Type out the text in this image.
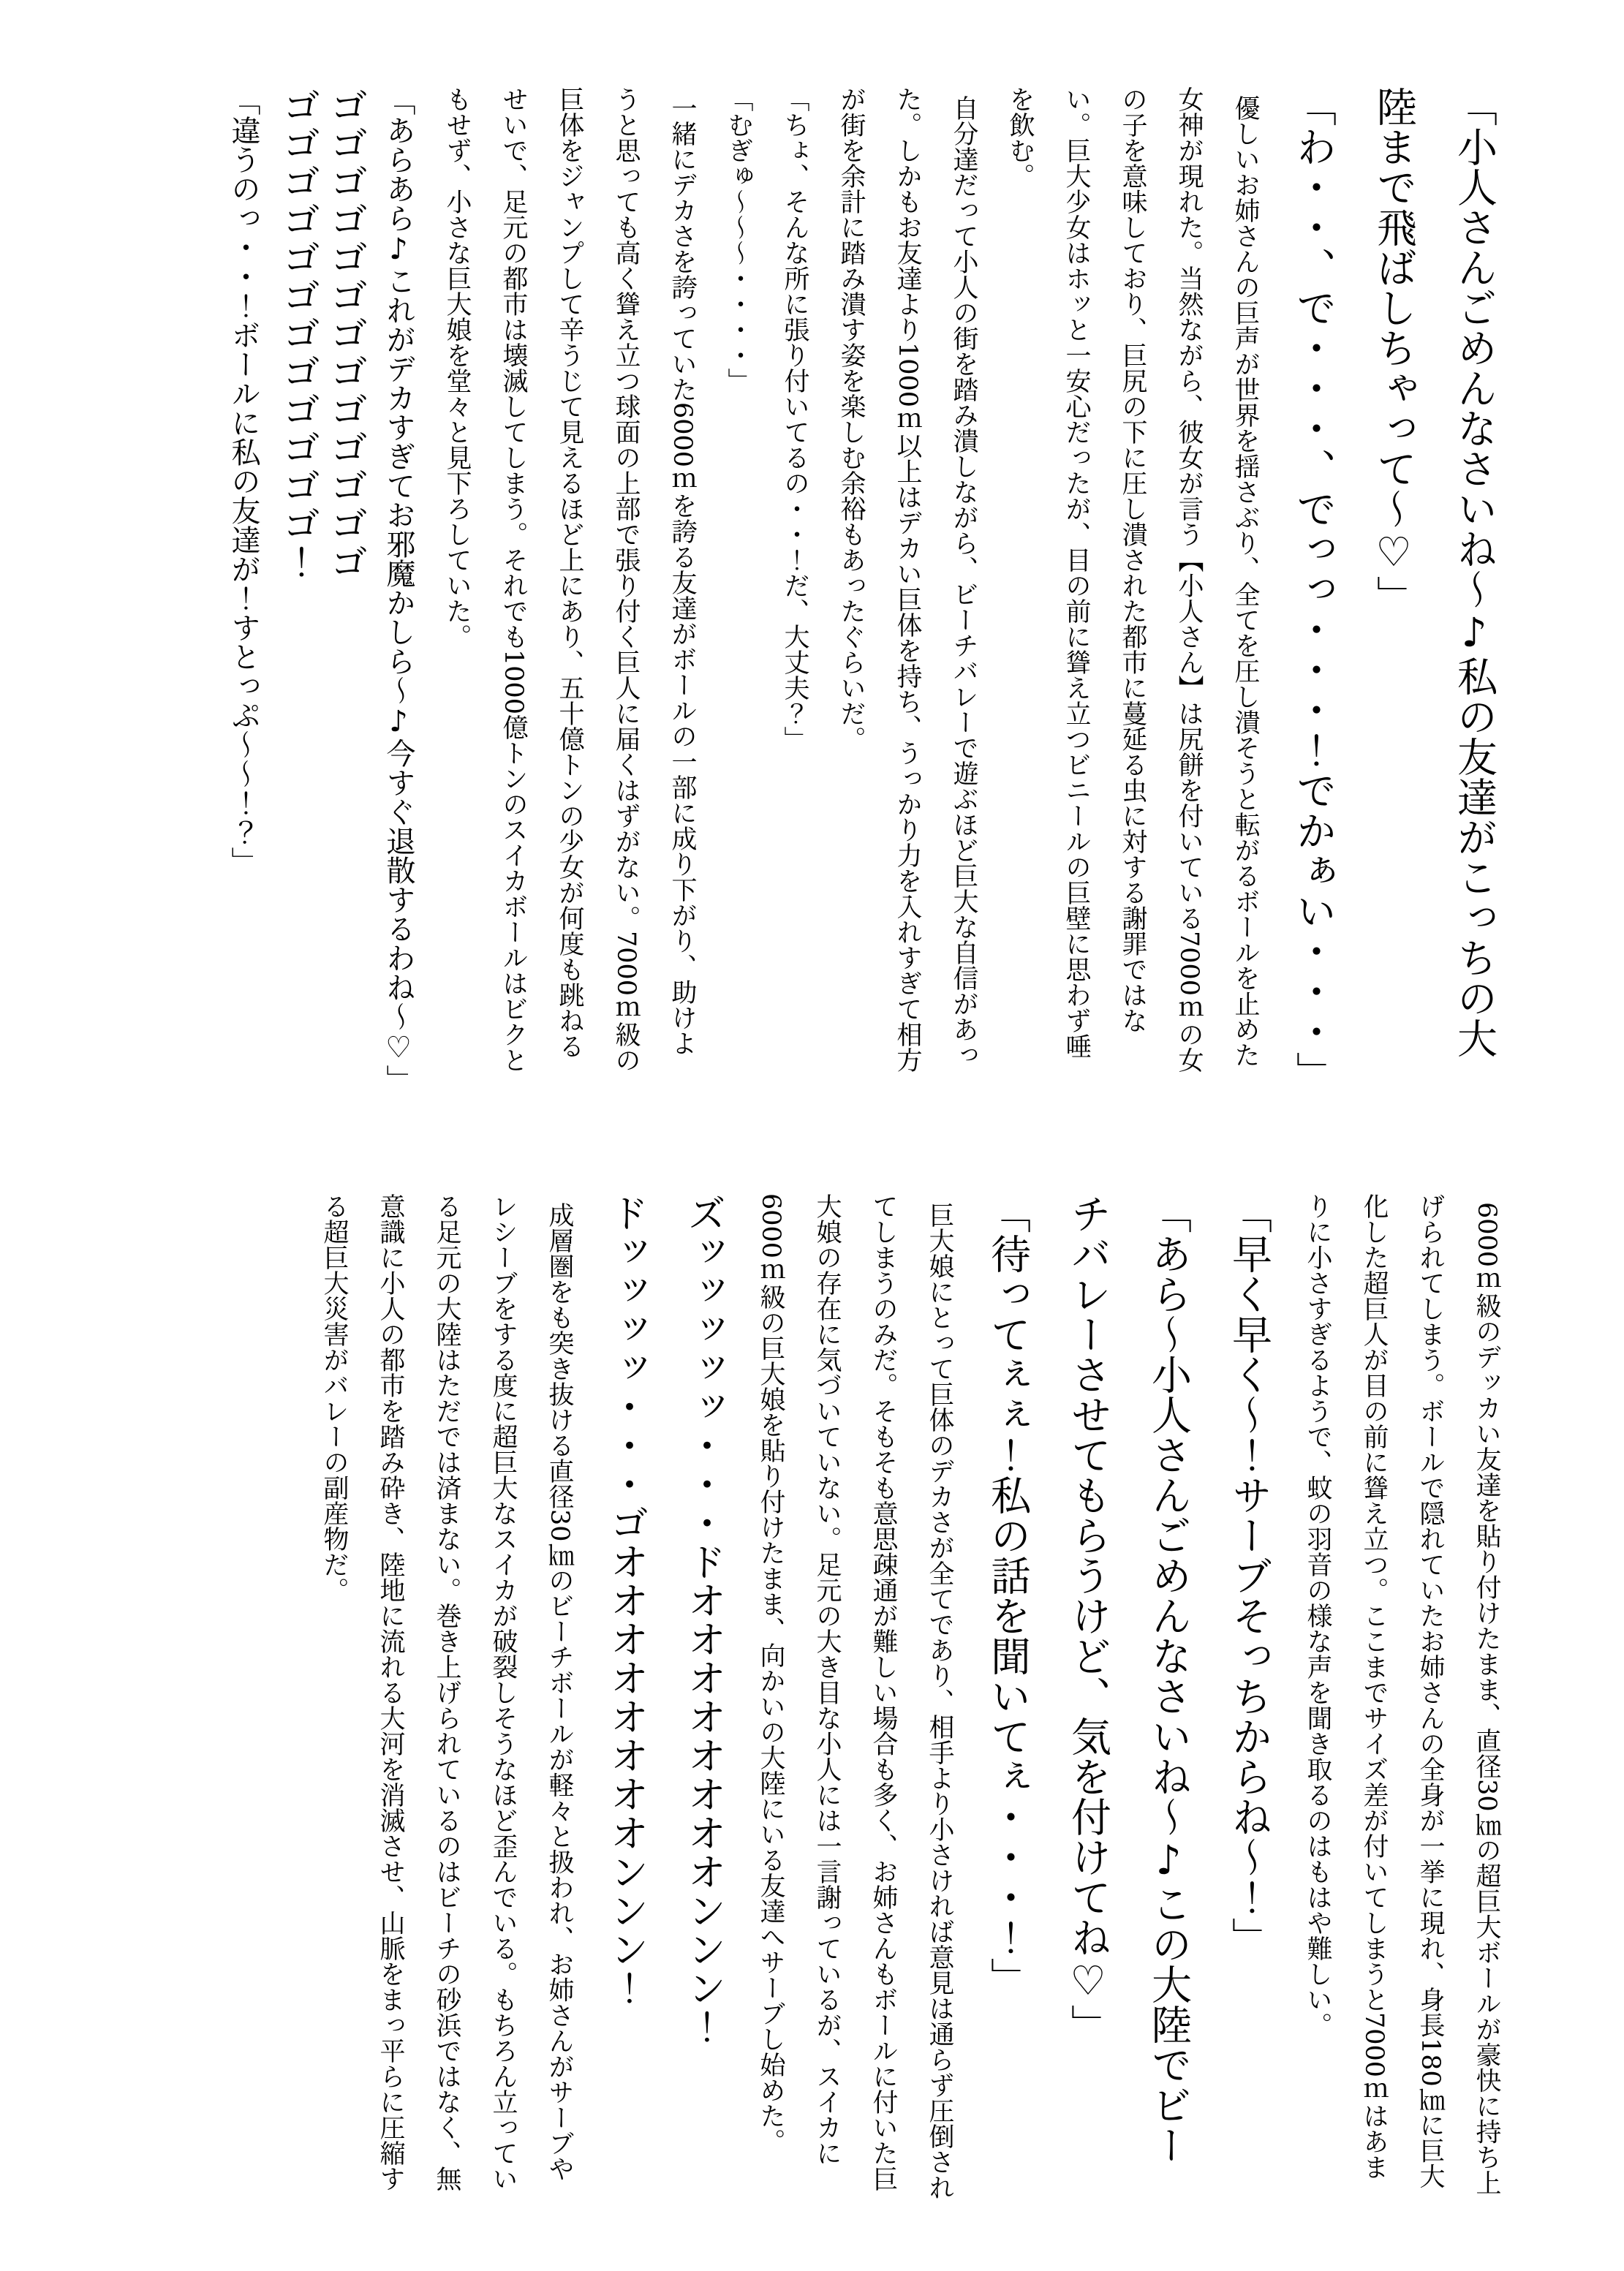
「小人さんごめんなさいね～♪私の友達がこっちの大陸まで飛ばしちゃって～♡」

「わ・・、で・・・、でっっ・・・！でかぁい・・・」

優しいお姉さんの巨声が世界を揺さぶり、全てを圧し潰そうと転がるボールを止めた女神が現れた。当然ながら、彼女が言う【小人さん】は尻餅を付いている7000ｍの女の子を意味しており、巨尻の下に圧し潰された都市に蔓延る虫に対する謝罪ではない。巨大少女はホッと一安心だったが、目の前に聳え立つビニールの巨壁に思わず唾を飲む。

自分達だって小人の街を踏み潰しながら、ビーチバレーで遊ぶほど巨大な自信があった。しかもお友達より1000ｍ以上はデカい巨体を持ち、うっかり力を入れすぎて相方が街を余計に踏み潰す姿を楽しむ余裕もあったぐらいだ。

「ちょ、そんな所に張り付いてるの・・！だ、大丈夫？」

「むぎゅ～～～・・・・」

一緒にデカさを誇っていた6000ｍを誇る友達がボールの一部に成り下がり、助けようと思っても高く聳え立つ球面の上部で張り付く巨人に届くはずがない。7000ｍ級の巨体をジャンプして辛うじて見えるほど上にあり、五十億トンの少女が何度も跳ねるせいで、足元の都市は壊滅してしまう。それでも1000億トンのスイカボールはビクともせず、小さな巨大娘を堂々と見下ろしていた。

「あらあら♪これがデカすぎてお邪魔かしら～♪今すぐ退散するわね～♡」

ゴゴゴゴゴゴゴゴゴゴゴゴゴゴゴゴゴゴゴゴゴゴゴゴゴ！

「違うのっ・・！ボールに私の友達が！すとっぷ～～！？」

6000ｍ級のデッカい友達を貼り付けたまま、直径30㎞の超巨大ボールが豪快に持ち上げられてしまう。ボールで隠れていたお姉さんの全身が一挙に現れ、身長180㎞に巨大化した超巨人が目の前に聳え立つ。ここまでサイズ差が付いてしまうと7000ｍはあまりに小さすぎるようで、蚊の羽音の様な声を聞き取るのはもはや難しい。

「早く早く～！サーブそっちからね～！」

「あら～小人さんごめんなさいね～♪この大陸でビーチバレーさせてもらうけど、気を付けてね♡」

「待ってぇぇ！私の話を聞いてぇ・・・！」

巨大娘にとって巨体のデカさが全てであり、相手より小さければ意見は通らず圧倒されてしまうのみだ。そもそも意思疎通が難しい場合も多く、お姉さんもボールに付いた巨大娘の存在に気づいていない。足元の大き目な小人には一言謝っているが、スイカに6000ｍ級の巨大娘を貼り付けたまま、向かいの大陸にいる友達へサーブし始めた。

ズッッッッッ・・・ドオオオオオオオオンンン！

ドッッッッ・・・ゴオオオオオオオオンンン！

成層圏をも突き抜ける直径30㎞のビーチボールが軽々と扱われ、お姉さんがサーブやレシーブをする度に超巨大なスイカが破裂しそうなほど歪んでいる。もちろん立っている足元の大陸はただでは済まない。巻き上げられているのはビーチの砂浜ではなく、無意識に小人の都市を踏み砕き、陸地に流れる大河を消滅させ、山脈をまっ平らに圧縮する超巨大災害がバレーの副産物だ。
